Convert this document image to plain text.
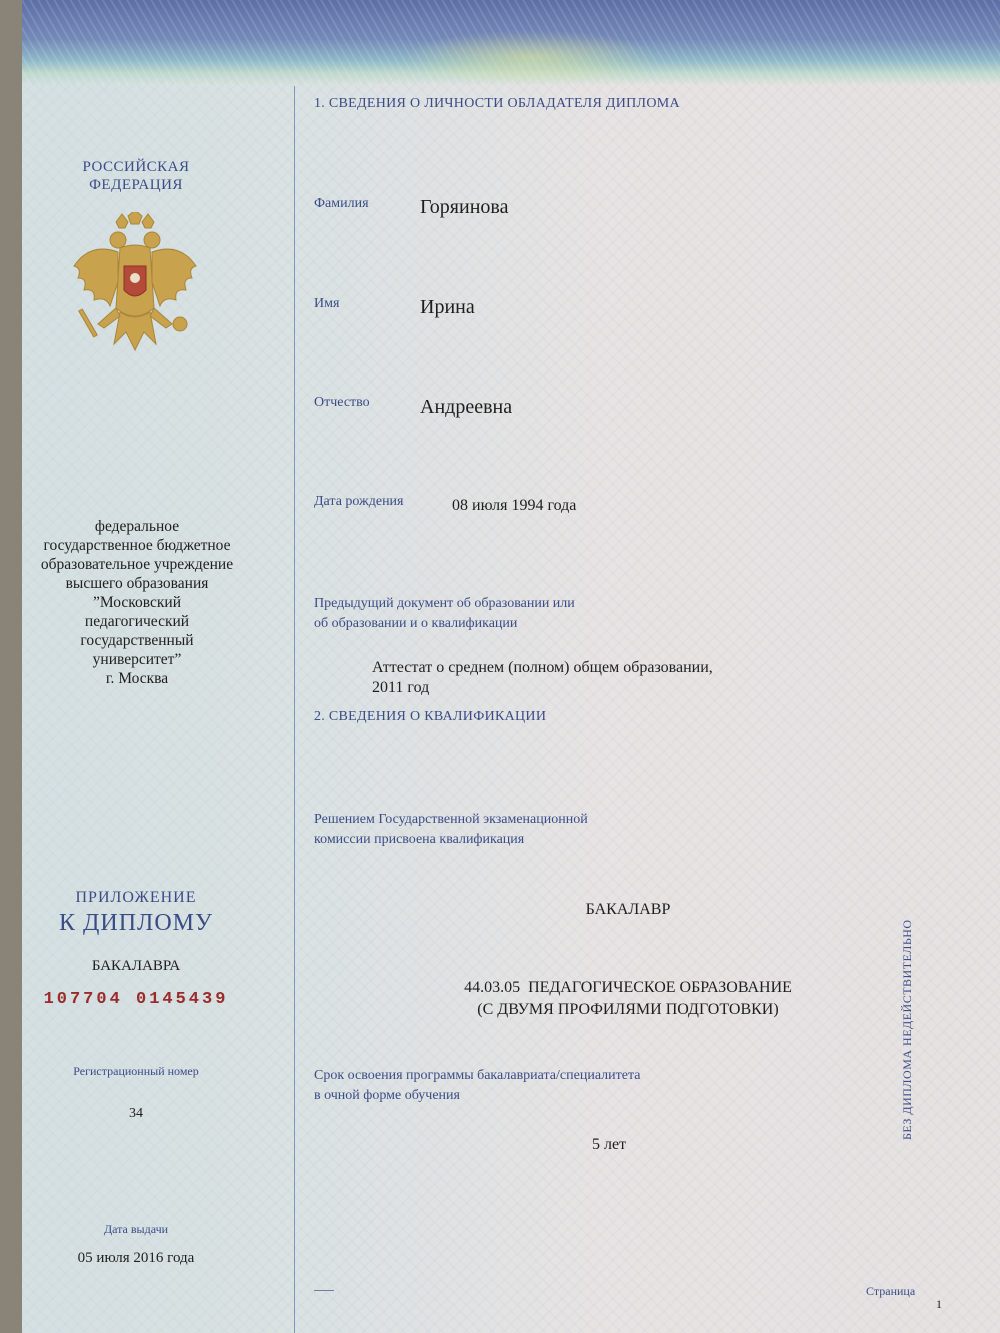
РОССИЙСКАЯ
ФЕДЕРАЦИЯ
федеральное
государственное бюджетное
образовательное учреждение
высшего образования
”Московский
педагогический
государственный
университет”
г. Москва
ПРИЛОЖЕНИЕ
К ДИПЛОМУ
БАКАЛАВРА
107704 0145439
Регистрационный номер
34
Дата выдачи
05 июля 2016 года
1. СВЕДЕНИЯ О ЛИЧНОСТИ ОБЛАДАТЕЛЯ ДИПЛОМА
Фамилия	Горяинова
Имя	Ирина
Отчество	Андреевна
Дата рождения	08 июля 1994 года
Предыдущий документ об образовании или
об образовании и о квалификации
Аттестат о среднем (полном) общем образовании,
2011 год
2. СВЕДЕНИЯ О КВАЛИФИКАЦИИ
Решением Государственной экзаменационной
комиссии присвоена квалификация
БАКАЛАВР
44.03.05  ПЕДАГОГИЧЕСКОЕ ОБРАЗОВАНИЕ
(С ДВУМЯ ПРОФИЛЯМИ ПОДГОТОВКИ)
Срок освоения программы бакалавриата/специалитета
в очной форме обучения
5 лет
Страница
1
БЕЗ ДИПЛОМА НЕДЕЙСТВИТЕЛЬНО
